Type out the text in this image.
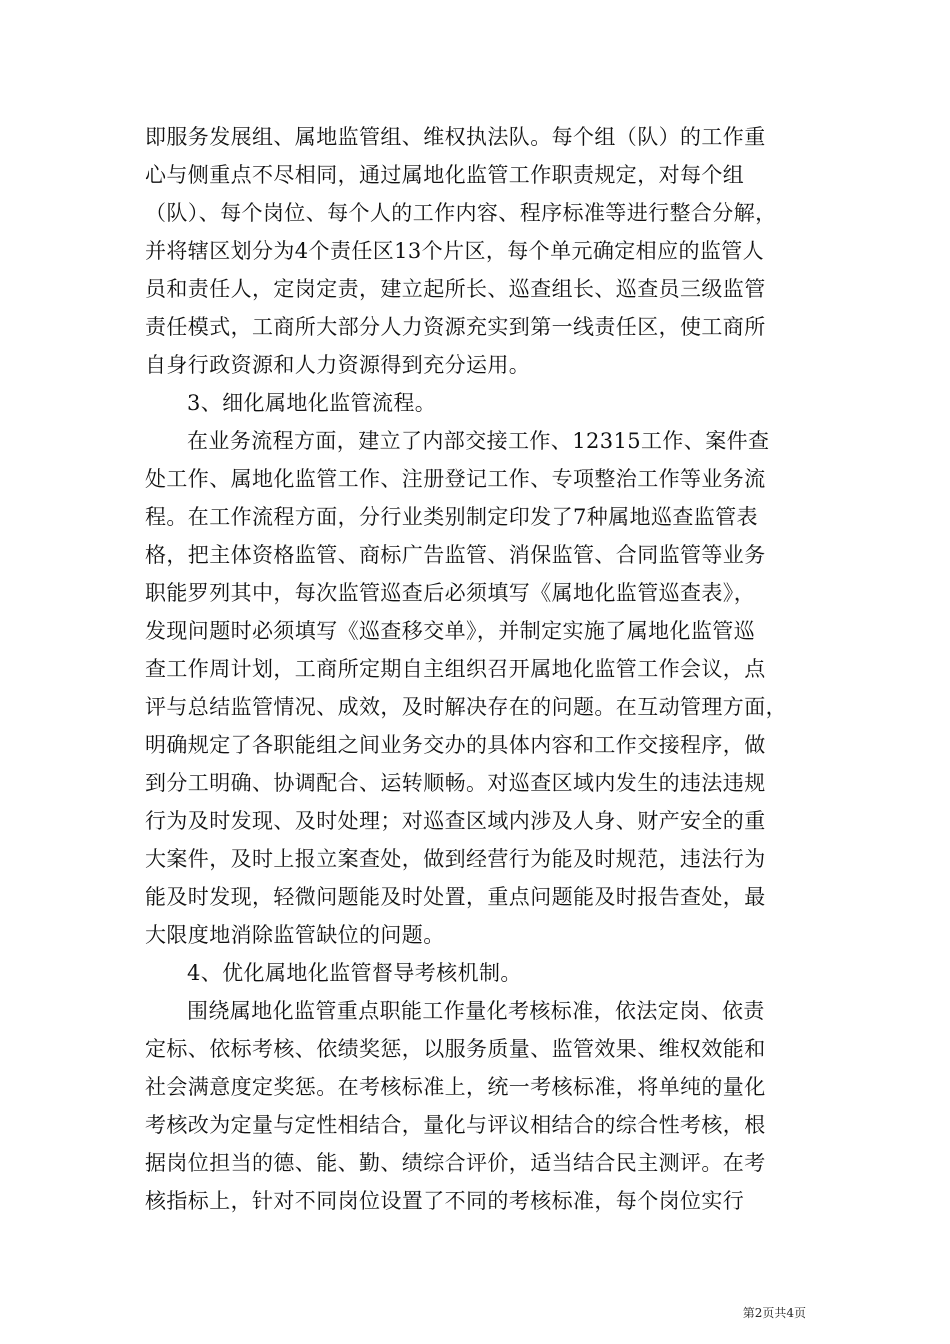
即服务发展组、属地监管组、维权执法队。每个组（队）的工作重
心与侧重点不尽相同，通过属地化监管工作职责规定，对每个组
（队）、每个岗位、每个人的工作内容、程序标准等进行整合分解，
并将辖区划分为4个责任区13个片区，每个单元确定相应的监管人
员和责任人，定岗定责，建立起所长、巡查组长、巡查员三级监管
责任模式，工商所大部分人力资源充实到第一线责任区，使工商所
自身行政资源和人力资源得到充分运用。

3、细化属地化监管流程。

在业务流程方面，建立了内部交接工作、12315工作、案件查
处工作、属地化监管工作、注册登记工作、专项整治工作等业务流
程。在工作流程方面，分行业类别制定印发了7种属地巡查监管表
格，把主体资格监管、商标广告监管、消保监管、合同监管等业务
职能罗列其中，每次监管巡查后必须填写《属地化监管巡查表》，
发现问题时必须填写《巡查移交单》，并制定实施了属地化监管巡
查工作周计划，工商所定期自主组织召开属地化监管工作会议，点
评与总结监管情况、成效，及时解决存在的问题。在互动管理方面，
明确规定了各职能组之间业务交办的具体内容和工作交接程序，做
到分工明确、协调配合、运转顺畅。对巡查区域内发生的违法违规
行为及时发现、及时处理；对巡查区域内涉及人身、财产安全的重
大案件，及时上报立案查处，做到经营行为能及时规范，违法行为
能及时发现，轻微问题能及时处置，重点问题能及时报告查处，最
大限度地消除监管缺位的问题。

4、优化属地化监管督导考核机制。

围绕属地化监管重点职能工作量化考核标准，依法定岗、依责
定标、依标考核、依绩奖惩，以服务质量、监管效果、维权效能和
社会满意度定奖惩。在考核标准上，统一考核标准，将单纯的量化
考核改为定量与定性相结合，量化与评议相结合的综合性考核，根
据岗位担当的德、能、勤、绩综合评价，适当结合民主测评。在考
核指标上，针对不同岗位设置了不同的考核标准，每个岗位实行

第2页共4页
